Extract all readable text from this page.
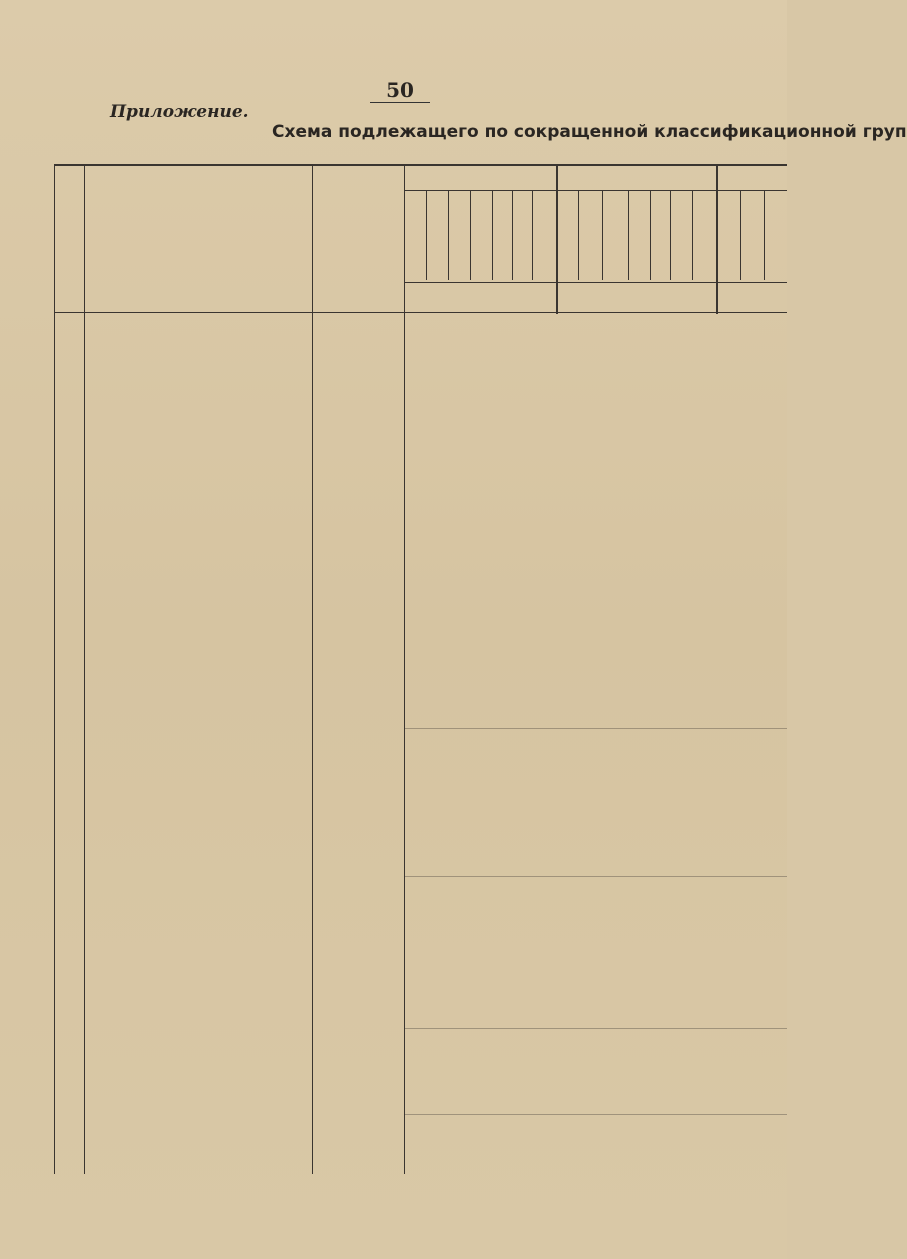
50
Приложение.
Схема подлежащего по сокращенной классификационной груп
